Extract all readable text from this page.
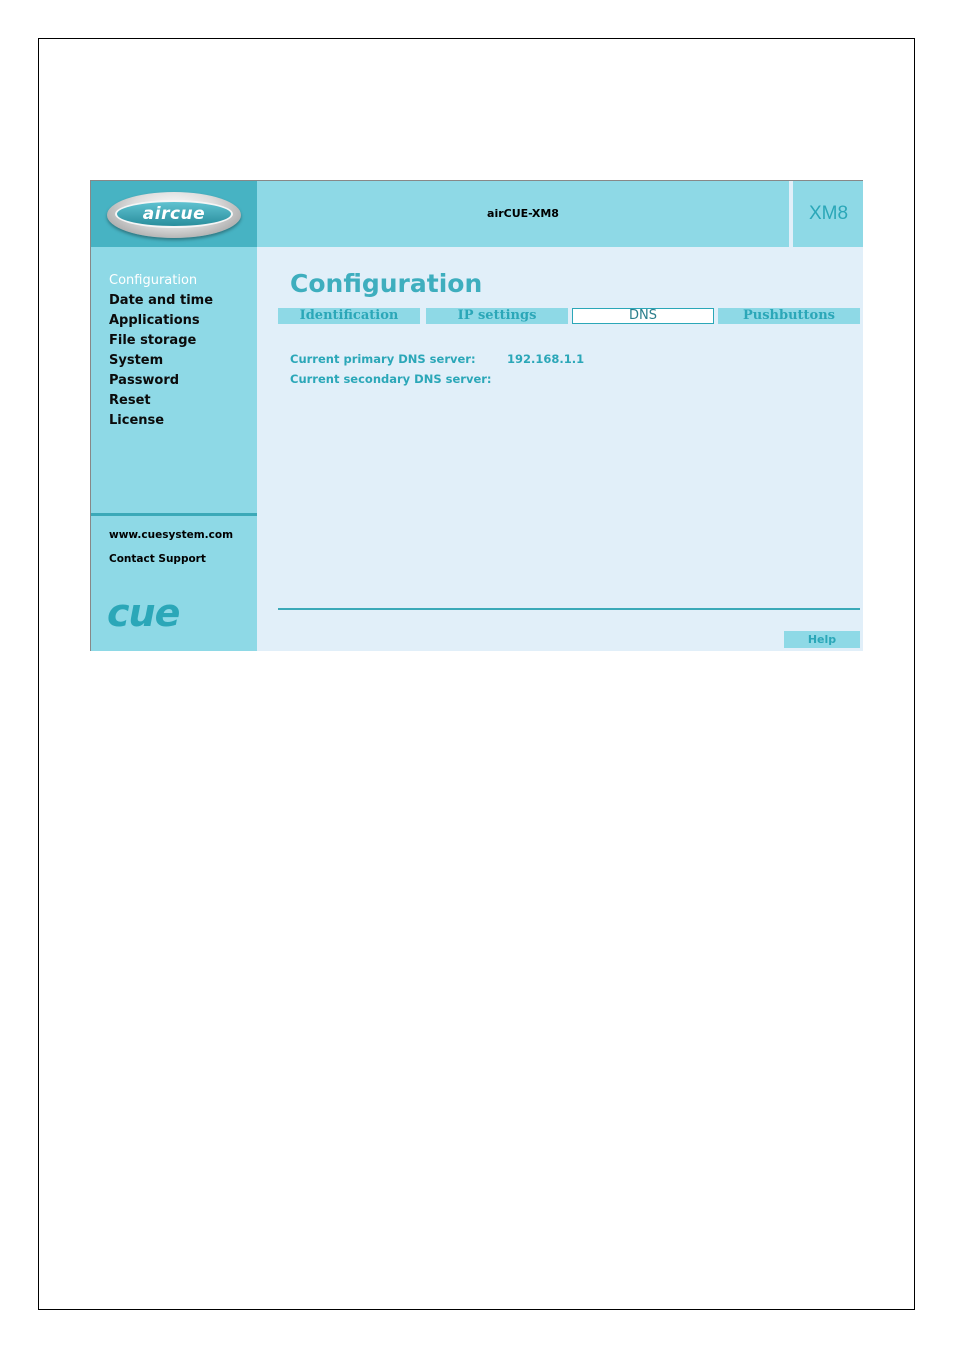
aircue	airCUE-XM8	XM8
Configuration
Date and time
Applications
File storage
System
Password
Reset
License
www.cuesystem.com
Contact Support
cue
Configuration
Identification	IP settings	DNS	Pushbuttons
Current primary DNS server:	192.168.1.1
Current secondary DNS server:
Help
